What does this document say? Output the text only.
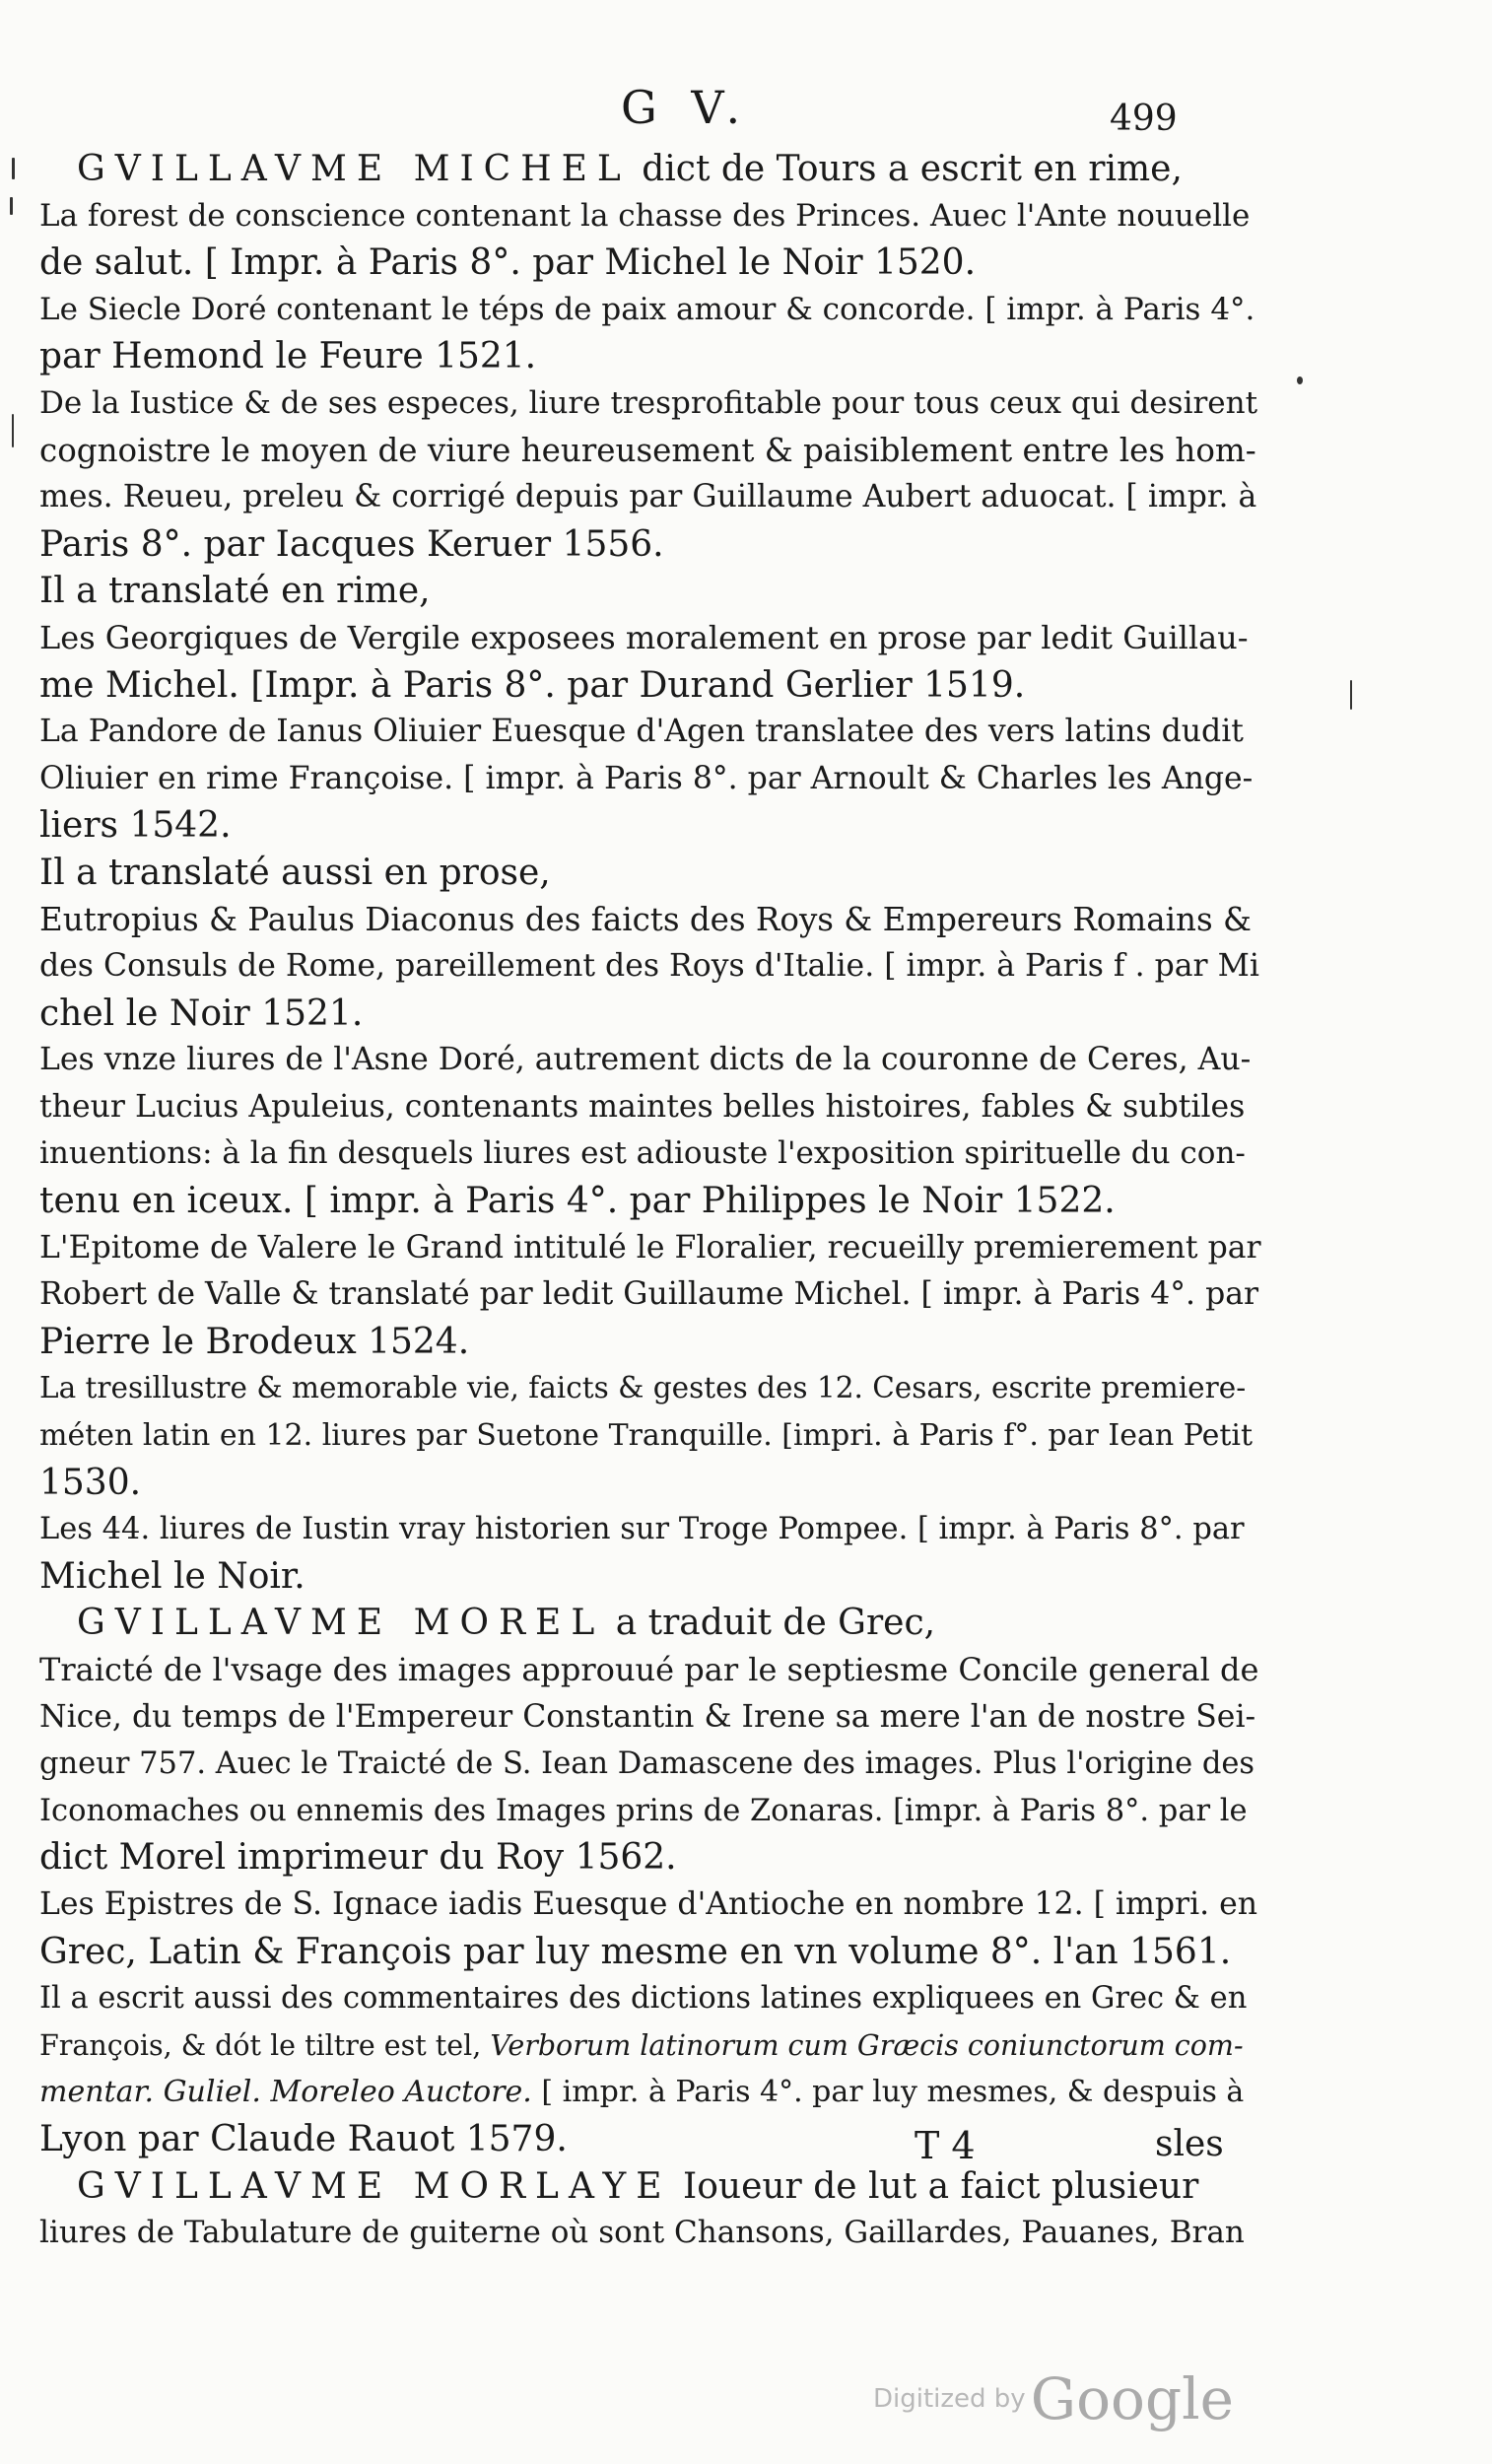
G V.	499
GVILLAVME MICHEL dict de Tours a escrit en rime,
La forest de conscience contenant la chasse des Princes. Auec l'Ante nouuelle
de salut. [ Impr. à Paris 8°. par Michel le Noir 1520.
Le Siecle Doré contenant le téps de paix amour & concorde. [ impr. à Paris 4°.
par Hemond le Feure 1521.
De la Iustice & de ses especes, liure tresprofitable pour tous ceux qui desirent
cognoistre le moyen de viure heureusement & paisiblement entre les hom-
mes. Reueu, preleu & corrigé depuis par Guillaume Aubert aduocat. [ impr. à
Paris 8°. par Iacques Keruer 1556.
Il a translaté en rime,
Les Georgiques de Vergile exposees moralement en prose par ledit Guillau-
me Michel. [Impr. à Paris 8°. par Durand Gerlier 1519.
La Pandore de Ianus Oliuier Euesque d'Agen translatee des vers latins dudit
Oliuier en rime Françoise. [ impr. à Paris 8°. par Arnoult & Charles les Ange-
liers 1542.
Il a translaté aussi en prose,
Eutropius & Paulus Diaconus des faicts des Roys & Empereurs Romains &
des Consuls de Rome, pareillement des Roys d'Italie. [ impr. à Paris f . par Mi
chel le Noir 1521.
Les vnze liures de l'Asne Doré, autrement dicts de la couronne de Ceres, Au-
theur Lucius Apuleius, contenants maintes belles histoires, fables & subtiles
inuentions: à la fin desquels liures est adiouste l'exposition spirituelle du con-
tenu en iceux. [ impr. à Paris 4°. par Philippes le Noir 1522.
L'Epitome de Valere le Grand intitulé le Floralier, recueilly premierement par
Robert de Valle & translaté par ledit Guillaume Michel. [ impr. à Paris 4°. par
Pierre le Brodeux 1524.
La tresillustre & memorable vie, faicts & gestes des 12. Cesars, escrite premiere-
méten latin en 12. liures par Suetone Tranquille. [impri. à Paris f°. par Iean Petit
1530.
Les 44. liures de Iustin vray historien sur Troge Pompee. [ impr. à Paris 8°. par
Michel le Noir.
GVILLAVME MOREL a traduit de Grec,
Traicté de l'vsage des images approuué par le septiesme Concile general de
Nice, du temps de l'Empereur Constantin & Irene sa mere l'an de nostre Sei-
gneur 757. Auec le Traicté de S. Iean Damascene des images. Plus l'origine des
Iconomaches ou ennemis des Images prins de Zonaras. [impr. à Paris 8°. par le
dict Morel imprimeur du Roy 1562.
Les Epistres de S. Ignace iadis Euesque d'Antioche en nombre 12. [ impri. en
Grec, Latin & François par luy mesme en vn volume 8°. l'an 1561.
Il a escrit aussi des commentaires des dictions latines expliquees en Grec & en
François, & dót le tiltre est tel, Verborum latinorum cum Græcis coniunctorum com-
mentar. Guliel. Moreleo Auctore. [ impr. à Paris 4°. par luy mesmes, & despuis à
Lyon par Claude Rauot 1579.
GVILLAVME MORLAYE Ioueur de lut a faict plusieur
liures de Tabulature de guiterne où sont Chansons, Gaillardes, Pauanes, Bran
T 4	sles
Digitized by Google
